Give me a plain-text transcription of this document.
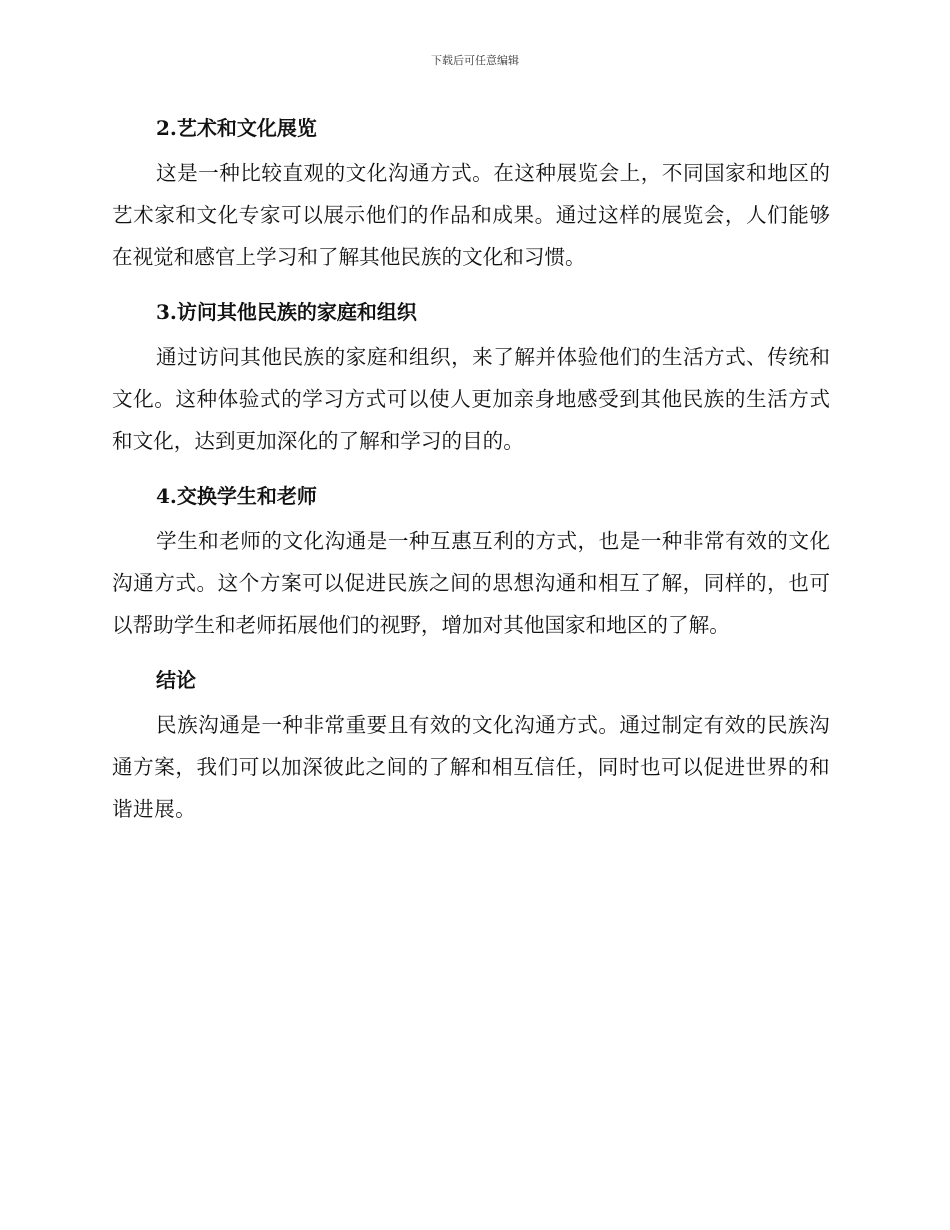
下载后可任意编辑
2.艺术和文化展览

这是一种比较直观的文化沟通方式。在这种展览会上，不同国家和地区的艺术家和文化专家可以展示他们的作品和成果。通过这样的展览会，人们能够在视觉和感官上学习和了解其他民族的文化和习惯。

3.访问其他民族的家庭和组织

通过访问其他民族的家庭和组织，来了解并体验他们的生活方式、传统和文化。这种体验式的学习方式可以使人更加亲身地感受到其他民族的生活方式和文化，达到更加深化的了解和学习的目的。

4.交换学生和老师

学生和老师的文化沟通是一种互惠互利的方式，也是一种非常有效的文化沟通方式。这个方案可以促进民族之间的思想沟通和相互了解，同样的，也可以帮助学生和老师拓展他们的视野，增加对其他国家和地区的了解。

结论

民族沟通是一种非常重要且有效的文化沟通方式。通过制定有效的民族沟通方案，我们可以加深彼此之间的了解和相互信任，同时也可以促进世界的和谐进展。
